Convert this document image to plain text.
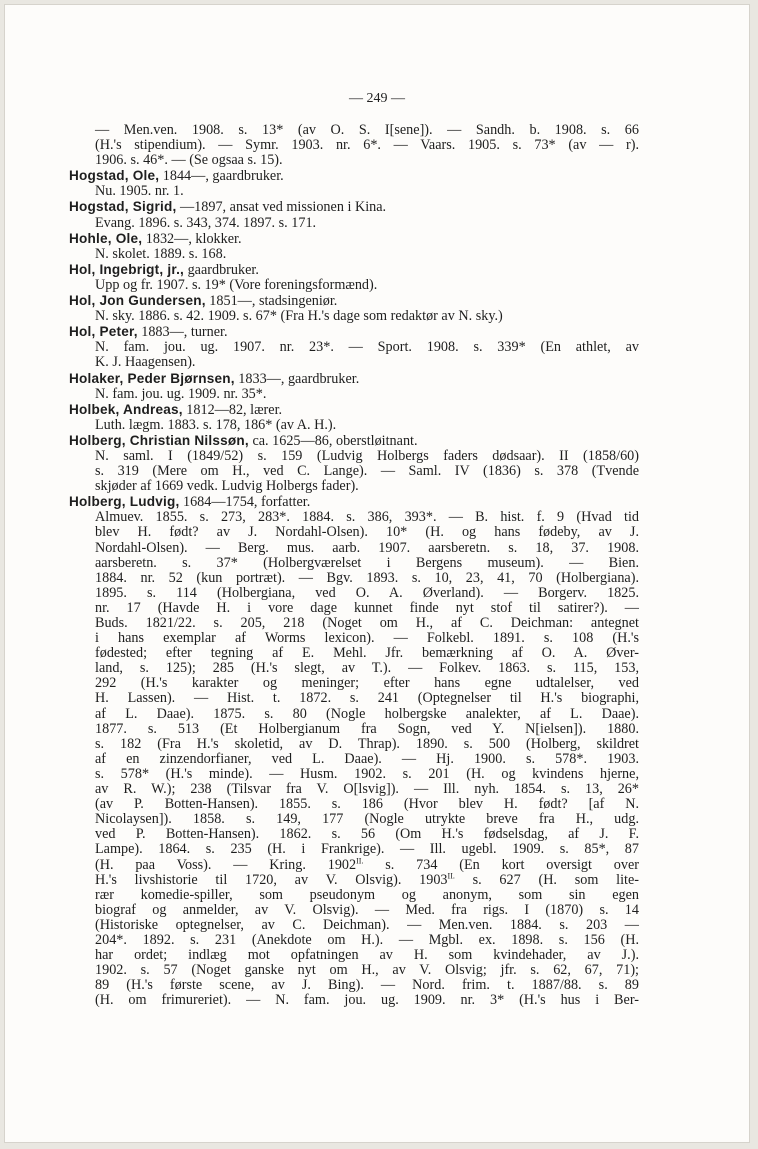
— 249 —
— Men.ven. 1908. s. 13* (av O. S. I[sene]). — Sandh. b. 1908. s. 66
(H.'s stipendium). — Symr. 1903. nr. 6*. — Vaars. 1905. s. 73* (av — r).
1906. s. 46*. — (Se ogsaa s. 15).
Hogstad, Ole, 1844—, gaardbruker.
Nu. 1905. nr. 1.
Hogstad, Sigrid, —1897, ansat ved missionen i Kina.
Evang. 1896. s. 343, 374. 1897. s. 171.
Hohle, Ole, 1832—, klokker.
N. skolet. 1889. s. 168.
Hol, Ingebrigt, jr., gaardbruker.
Upp og fr. 1907. s. 19* (Vore foreningsformænd).
Hol, Jon Gundersen, 1851—, stadsingeniør.
N. sky. 1886. s. 42. 1909. s. 67* (Fra H.'s dage som redaktør av N. sky.)
Hol, Peter, 1883—, turner.
N. fam. jou. ug. 1907. nr. 23*. — Sport. 1908. s. 339* (En athlet, av
K. J. Haagensen).
Holaker, Peder Bjørnsen, 1833—, gaardbruker.
N. fam. jou. ug. 1909. nr. 35*.
Holbek, Andreas, 1812—82, lærer.
Luth. lægm. 1883. s. 178, 186* (av A. H.).
Holberg, Christian Nilssøn, ca. 1625—86, oberstløitnant.
N. saml. I (1849/52) s. 159 (Ludvig Holbergs faders dødsaar). II (1858/60)
s. 319 (Mere om H., ved C. Lange). — Saml. IV (1836) s. 378 (Tvende
skjøder af 1669 vedk. Ludvig Holbergs fader).
Holberg, Ludvig, 1684—1754, forfatter.
Almuev. 1855. s. 273, 283*. 1884. s. 386, 393*. — B. hist. f. 9 (Hvad tid
blev H. født? av J. Nordahl-Olsen). 10* (H. og hans fødeby, av J.
Nordahl-Olsen). — Berg. mus. aarb. 1907. aarsberetn. s. 18, 37. 1908.
aarsberetn. s. 37* (Holbergværelset i Bergens museum). — Bien.
1884. nr. 52 (kun portræt). — Bgv. 1893. s. 10, 23, 41, 70 (Holbergiana).
1895. s. 114 (Holbergiana, ved O. A. Øverland). — Borgerv. 1825.
nr. 17 (Havde H. i vore dage kunnet finde nyt stof til satirer?). —
Buds. 1821/22. s. 205, 218 (Noget om H., af C. Deichman: antegnet
i hans exemplar af Worms lexicon). — Folkebl. 1891. s. 108 (H.'s
fødested; efter tegning af E. Mehl. Jfr. bemærkning af O. A. Øver-
land, s. 125); 285 (H.'s slegt, av T.). — Folkev. 1863. s. 115, 153,
292 (H.'s karakter og meninger; efter hans egne udtalelser, ved
H. Lassen). — Hist. t. 1872. s. 241 (Optegnelser til H.'s biographi,
af L. Daae). 1875. s. 80 (Nogle holbergske analekter, af L. Daae).
1877. s. 513 (Et Holbergianum fra Sogn, ved Y. N[ielsen]). 1880.
s. 182 (Fra H.'s skoletid, av D. Thrap). 1890. s. 500 (Holberg, skildret
af en zinzendorfianer, ved L. Daae). — Hj. 1900. s. 578*. 1903.
s. 578* (H.'s minde). — Husm. 1902. s. 201 (H. og kvindens hjerne,
av R. W.); 238 (Tilsvar fra V. O[lsvig]). — Ill. nyh. 1854. s. 13, 26*
(av P. Botten-Hansen). 1855. s. 186 (Hvor blev H. født? [af N.
Nicolaysen]). 1858. s. 149, 177 (Nogle utrykte breve fra H., udg.
ved P. Botten-Hansen). 1862. s. 56 (Om H.'s fødselsdag, af J. F.
Lampe). 1864. s. 235 (H. i Frankrige). — Ill. ugebl. 1909. s. 85*, 87
(H. paa Voss). — Kring. $1902^{II.}$ s. 734 (En kort oversigt over
H.'s livshistorie til 1720, av V. Olsvig). $1903^{II.}$ s. 627 (H. som lite-
rær komedie-spiller, som pseudonym og anonym, som sin egen
biograf og anmelder, av V. Olsvig). — Med. fra rigs. I (1870) s. 14
(Historiske optegnelser, av C. Deichman). — Men.ven. 1884. s. 203 —
204*. 1892. s. 231 (Anekdote om H.). — Mgbl. ex. 1898. s. 156 (H.
har ordet; indlæg mot opfatningen av H. som kvindehader, av J.).
1902. s. 57 (Noget ganske nyt om H., av V. Olsvig; jfr. s. 62, 67, 71);
89 (H.'s første scene, av J. Bing). — Nord. frim. t. 1887/88. s. 89
(H. om frimureriet). — N. fam. jou. ug. 1909. nr. 3* (H.'s hus i Ber-
